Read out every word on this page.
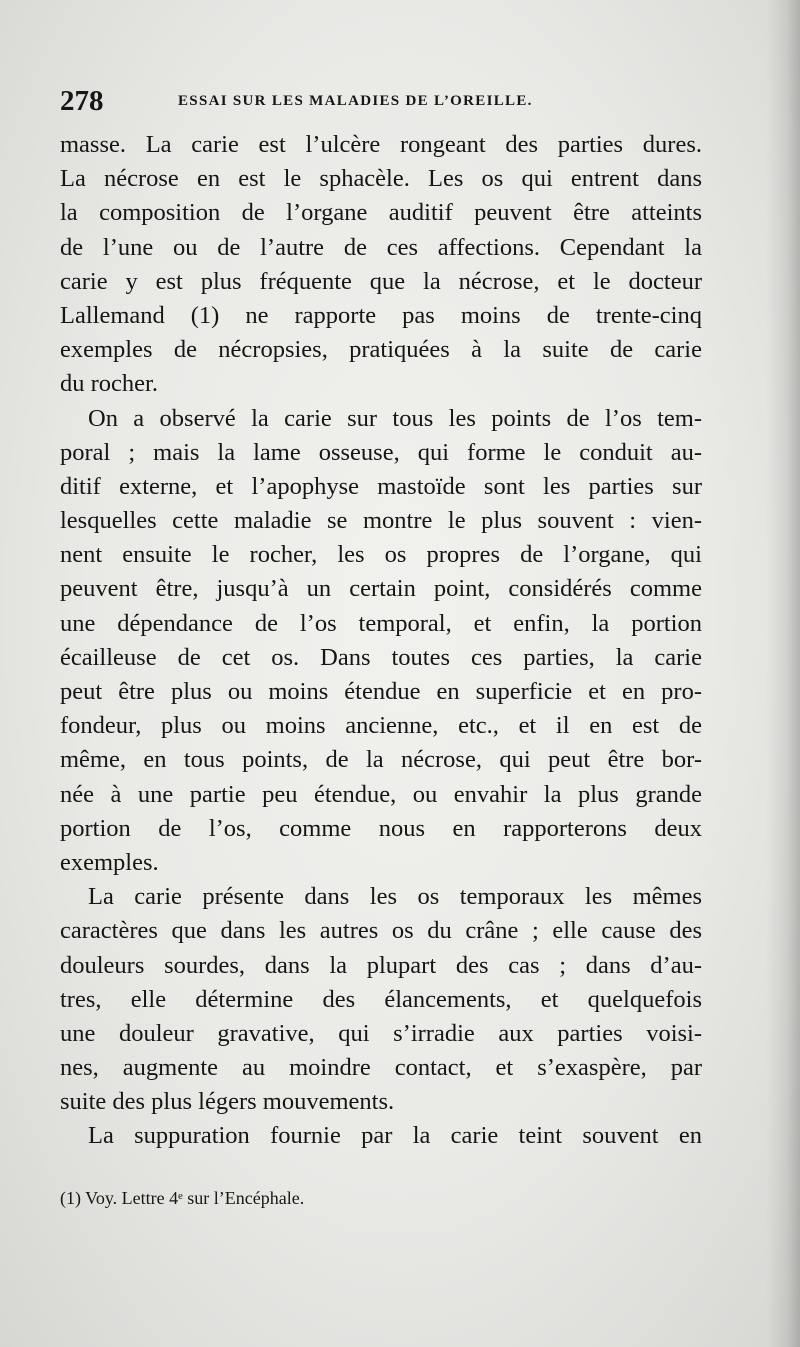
278	ESSAI SUR LES MALADIES DE L’OREILLE.
masse. La carie est l’ulcère rongeant des parties dures.
La nécrose en est le sphacèle. Les os qui entrent dans
la composition de l’organe auditif peuvent être atteints
de l’une ou de l’autre de ces affections. Cependant la
carie y est plus fréquente que la nécrose, et le docteur
Lallemand (1) ne rapporte pas moins de trente-cinq
exemples de nécropsies, pratiquées à la suite de carie
du rocher.
On a observé la carie sur tous les points de l’os tem-
poral ; mais la lame osseuse, qui forme le conduit au-
ditif externe, et l’apophyse mastoïde sont les parties sur
lesquelles cette maladie se montre le plus souvent : vien-
nent ensuite le rocher, les os propres de l’organe, qui
peuvent être, jusqu’à un certain point, considérés comme
une dépendance de l’os temporal, et enfin, la portion
écailleuse de cet os. Dans toutes ces parties, la carie
peut être plus ou moins étendue en superficie et en pro-
fondeur, plus ou moins ancienne, etc., et il en est de
même, en tous points, de la nécrose, qui peut être bor-
née à une partie peu étendue, ou envahir la plus grande
portion de l’os, comme nous en rapporterons deux
exemples.
La carie présente dans les os temporaux les mêmes
caractères que dans les autres os du crâne ; elle cause des
douleurs sourdes, dans la plupart des cas ; dans d’au-
tres, elle détermine des élancements, et quelquefois
une douleur gravative, qui s’irradie aux parties voisi-
nes, augmente au moindre contact, et s’exaspère, par
suite des plus légers mouvements.
La suppuration fournie par la carie teint souvent en
(1) Voy. Lettre 4ᵉ sur l’Encéphale.
